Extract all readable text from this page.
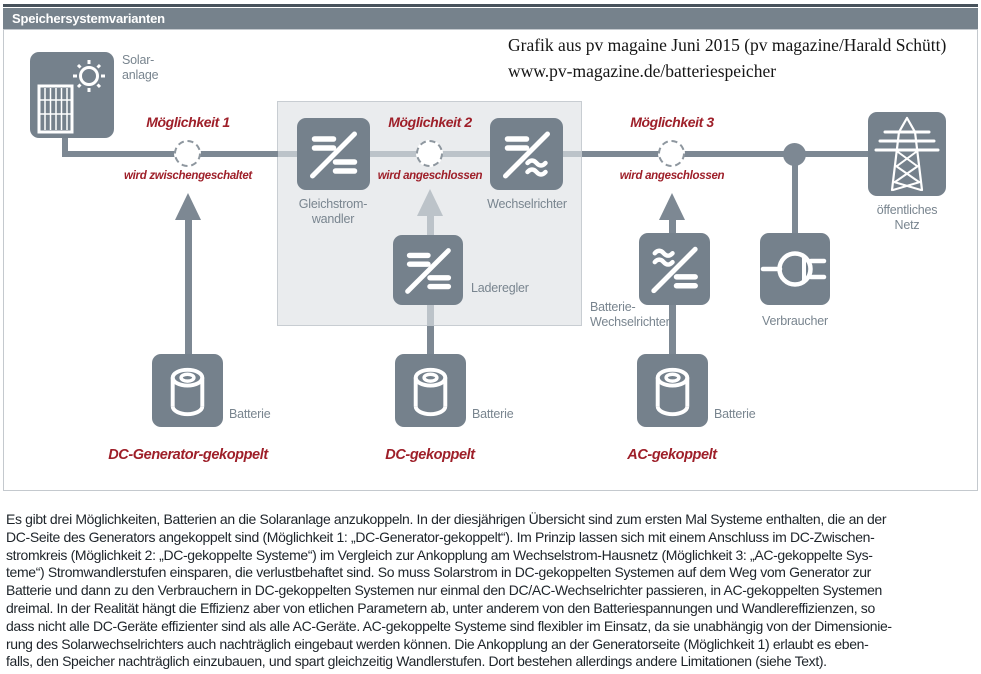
Speichersystemvarianten
Grafik aus pv magaine Juni 2015 (pv magazine/Harald Schütt)
www.pv-magazine.de/batteriespeicher
Solar-
anlage
Gleichstrom-
wandler
Wechselrichter
Laderegler
Batterie-
Wechselrichter	Verbraucher
öffentliches
Netz
Batterie	Batterie	Batterie
Möglichkeit 1
wird zwischengeschaltet
Möglichkeit 2
wird angeschlossen
Möglichkeit 3
wird angeschlossen
DC-Generator-gekoppelt	DC-gekoppelt	AC-gekoppelt
Es gibt drei Möglichkeiten, Batterien an die Solaranlage anzukoppeln. In der diesjährigen Übersicht sind zum ersten Mal Systeme enthalten, die an der
DC-Seite des Generators angekoppelt sind (Möglichkeit 1: „DC-Generator-gekoppelt“). Im Prinzip lassen sich mit einem Anschluss im DC-Zwischen-
stromkreis (Möglichkeit 2: „DC-gekoppelte Systeme“) im Vergleich zur Ankopplung am Wechselstrom-Hausnetz (Möglichkeit 3: „AC-gekoppelte Sys-
teme“) Stromwandlerstufen einsparen, die verlustbehaftet sind. So muss Solarstrom in DC-gekoppelten Systemen auf dem Weg vom Generator zur
Batterie und dann zu den Verbrauchern in DC-gekoppelten Systemen nur einmal den DC/AC-Wechselrichter passieren, in AC-gekoppelten Systemen
dreimal. In der Realität hängt die Effizienz aber von etlichen Parametern ab, unter anderem von den Batteriespannungen und Wandlereffizienzen, so
dass nicht alle DC-Geräte effizienter sind als alle AC-Geräte. AC-gekoppelte Systeme sind flexibler im Einsatz, da sie unabhängig von der Dimensionie-
rung des Solarwechselrichters auch nachträglich eingebaut werden können. Die Ankopplung an der Generatorseite (Möglichkeit 1) erlaubt es eben-
falls, den Speicher nachträglich einzubauen, und spart gleichzeitig Wandlerstufen. Dort bestehen allerdings andere Limitationen (siehe Text).
